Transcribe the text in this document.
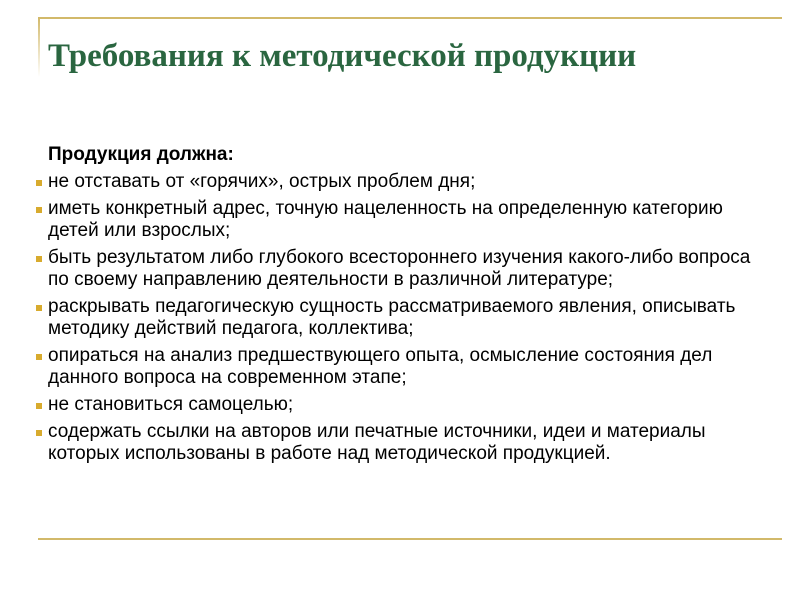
Требования к методической продукции
Продукция должна:
не отставать от «горячих», острых проблем дня;
иметь конкретный адрес, точную нацеленность на определенную категорию детей или взрослых;
быть результатом либо глубокого всестороннего изучения какого-либо вопроса по своему направлению деятельности в различной литературе;
раскрывать педагогическую сущность рассматриваемого явления, описывать методику действий педагога, коллектива;
опираться на анализ предшествующего опыта, осмысление состояния дел данного вопроса на современном этапе;
не становиться самоцелью;
содержать ссылки на авторов или печатные источники, идеи и материалы которых использованы в работе над методической продукцией.
